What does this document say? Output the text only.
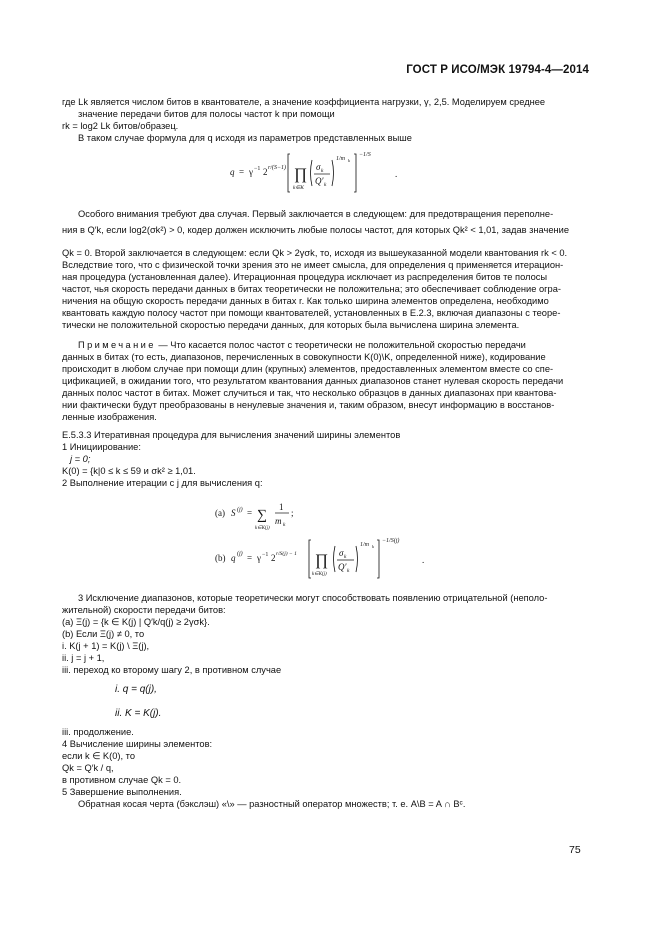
ГОСТ Р ИСО/МЭК 19794-4—2014
где Lk является числом битов в квантователе, а значение коэффициента нагрузки, γ, 2,5. Моделируем среднее
значение передачи битов для полосы частот k при помощи
rk = log2 Lk битов/образец.
В таком случае формула для q исходя из параметров представленных выше
q = γ −1 2 r/(S−1) ∏
k∈K
σ k
Q′ k
1/m k
−1/S
.
Особого внимания требуют два случая. Первый заключается в следующем: для предотвращения переполне-
ния в Q′k, если log2(σk²) > 0, кодер должен исключить любые полосы частот, для которых Qk² < 1,01, задав значение
Qk = 0. Второй заключается в следующем: если Qk > 2γσk, то, исходя из вышеуказанной модели квантования rk < 0.
Вследствие того, что с физической точки зрения это не имеет смысла, для определения q применяется итерацион-
ная процедура (установленная далее). Итерационная процедура исключает из распределения битов те полосы
частот, чья скорость передачи данных в битах теоретически не положительна; это обеспечивает соблюдение огра-
ничения на общую скорость передачи данных в битах r. Как только ширина элементов определена, необходимо
квантовать каждую полосу частот при помощи квантователей, установленных в Е.2.3, включая диапазоны с теоре-
тически не положительной скоростью передачи данных, для которых была вычислена ширина элемента.
Примечание — Что касается полос частот с теоретически не положительной скоростью передачи
данных в битах (то есть, диапазонов, перечисленных в совокупности K(0)\K, определенной ниже), кодирование
происходит в любом случае при помощи длин (крупных) элементов, предоставленных элементом вместе со спе-
цификацией, в ожидании того, что результатом квантования данных диапазонов станет нулевая скорость передачи
данных полос частот в битах. Может случиться и так, что несколько образцов в данных диапазонах при квантова-
нии фактически будут преобразованы в ненулевые значения и, таким образом, внесут информацию в восстанов-
ленные изображения.
Е.5.3.3 Итеративная процедура для вычисления значений ширины элементов
1 Инициирование:
j = 0;
K(0) = {k|0 ≤ k ≤ 59 и σk² ≥ 1,01.
2 Выполнение итерации с j для вычисления q:
(a) S (j) = ∑
k∈K(j)
1
m k
;
(b) q (j) = γ −1 2 r/S(j) − 1 ∏
k∈K(j)
σ k
Q′ k
1/m k
−1/S(j)
.
3 Исключение диапазонов, которые теоретически могут способствовать появлению отрицательной (неполо-
жительной) скорости передачи битов:
(а) Ξ(j) = {k ∈ K(j) | Q′k/q(j) ≥ 2γσk}.
(b) Если Ξ(j) ≠ 0, то
i. K(j + 1) = K(j) \ Ξ(j),
ii. j = j + 1,
iii. переход ко второму шагу 2, в противном случае
i. q = q(j),
ii. K = K(j).
iii. продолжение.
4 Вычисление ширины элементов:
если k ∈ K(0), то
Qk = Q′k / q,
в противном случае Qk = 0.
5 Завершение выполнения.
Обратная косая черта (бэкслэш) «\» — разностный оператор множеств; т. е. A\B = A ∩ Bᶜ.
75
q = γ⁻¹ 2^(r/(S−1)) [ ∏ k∈K (σk / Q′k)^(1/mk) ]^(−1/S)
(a) S(j) = Σ k∈K(j) 1/mk;
(b) q(j) = γ⁻¹ 2^(r/(S(j)−1)) [ ∏ k∈K(j) (σk / Q′k)^(1/mk) ]^(−1/S(j))
